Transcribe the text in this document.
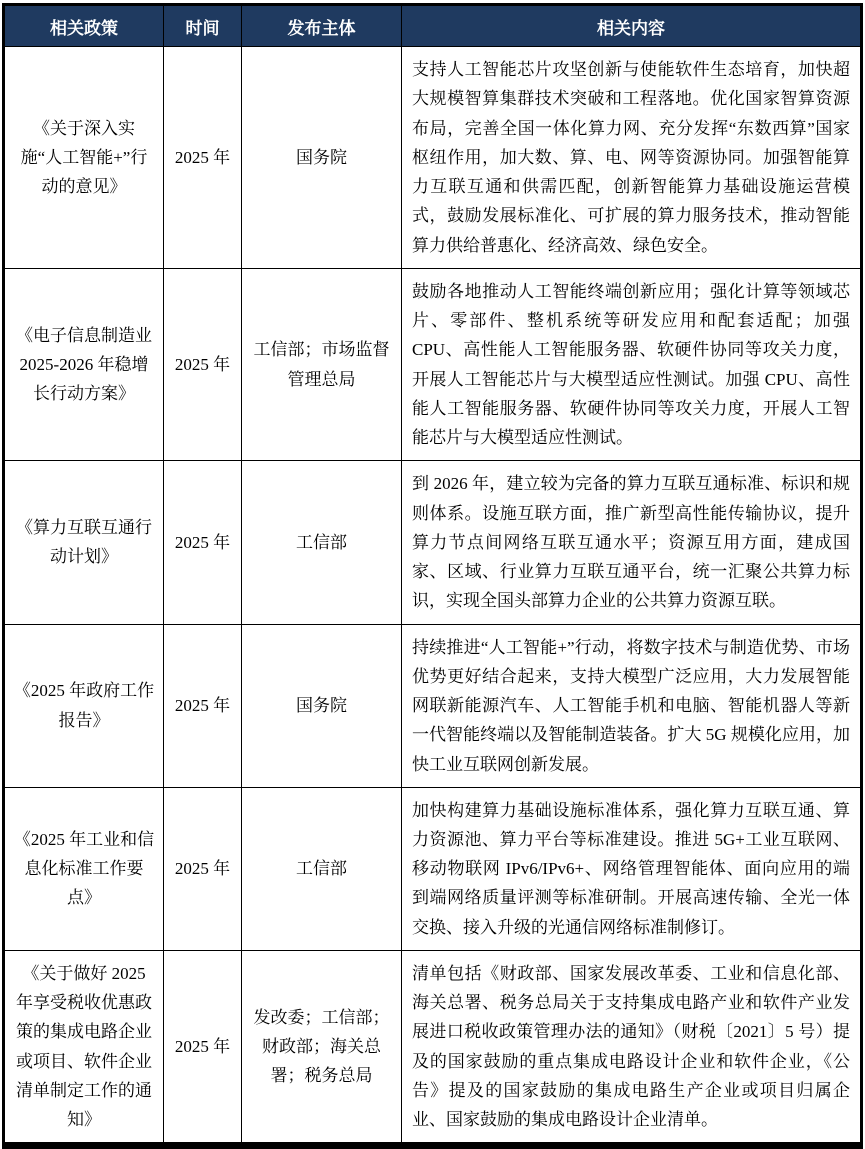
相关政策	时间	发布主体	相关内容
《关于深入实施“人工智能+”行动的意见》	2025 年	国务院	支持人工智能芯片攻坚创新与使能软件生态培育，加快超大规模智算集群技术突破和工程落地。优化国家智算资源布局，完善全国一体化算力网、充分发挥“东数西算”国家枢纽作用，加大数、算、电、网等资源协同。加强智能算力互联互通和供需匹配，创新智能算力基础设施运营模式，鼓励发展标准化、可扩展的算力服务技术，推动智能算力供给普惠化、经济高效、绿色安全。
《电子信息制造业 2025-2026 年稳增长行动方案》	2025 年	工信部；市场监督管理总局	鼓励各地推动人工智能终端创新应用；强化计算等领域芯片、零部件、整机系统等研发应用和配套适配；加强 CPU、高性能人工智能服务器、软硬件协同等攻关力度，开展人工智能芯片与大模型适应性测试。加强 CPU、高性能人工智能服务器、软硬件协同等攻关力度，开展人工智能芯片与大模型适应性测试。
《算力互联互通行动计划》	2025 年	工信部	到 2026 年，建立较为完备的算力互联互通标准、标识和规则体系。设施互联方面，推广新型高性能传输协议，提升算力节点间网络互联互通水平；资源互用方面，建成国家、区域、行业算力互联互通平台，统一汇聚公共算力标识，实现全国头部算力企业的公共算力资源互联。
《2025 年政府工作报告》	2025 年	国务院	持续推进“人工智能+”行动，将数字技术与制造优势、市场优势更好结合起来，支持大模型广泛应用，大力发展智能网联新能源汽车、人工智能手机和电脑、智能机器人等新一代智能终端以及智能制造装备。扩大 5G 规模化应用，加快工业互联网创新发展。
《2025 年工业和信息化标准工作要点》	2025 年	工信部	加快构建算力基础设施标准体系，强化算力互联互通、算力资源池、算力平台等标准建设。推进 5G+工业互联网、移动物联网 IPv6/IPv6+、网络管理智能体、面向应用的端到端网络质量评测等标准研制。开展高速传输、全光一体交换、接入升级的光通信网络标准制修订。
《关于做好 2025 年享受税收优惠政策的集成电路企业或项目、软件企业清单制定工作的通知》	2025 年	发改委；工信部；财政部；海关总署；税务总局	清单包括《财政部、国家发展改革委、工业和信息化部、海关总署、税务总局关于支持集成电路产业和软件产业发展进口税收政策管理办法的通知》（财税〔2021〕5 号）提及的国家鼓励的重点集成电路设计企业和软件企业，《公告》提及的国家鼓励的集成电路生产企业或项目归属企业、国家鼓励的集成电路设计企业清单。
